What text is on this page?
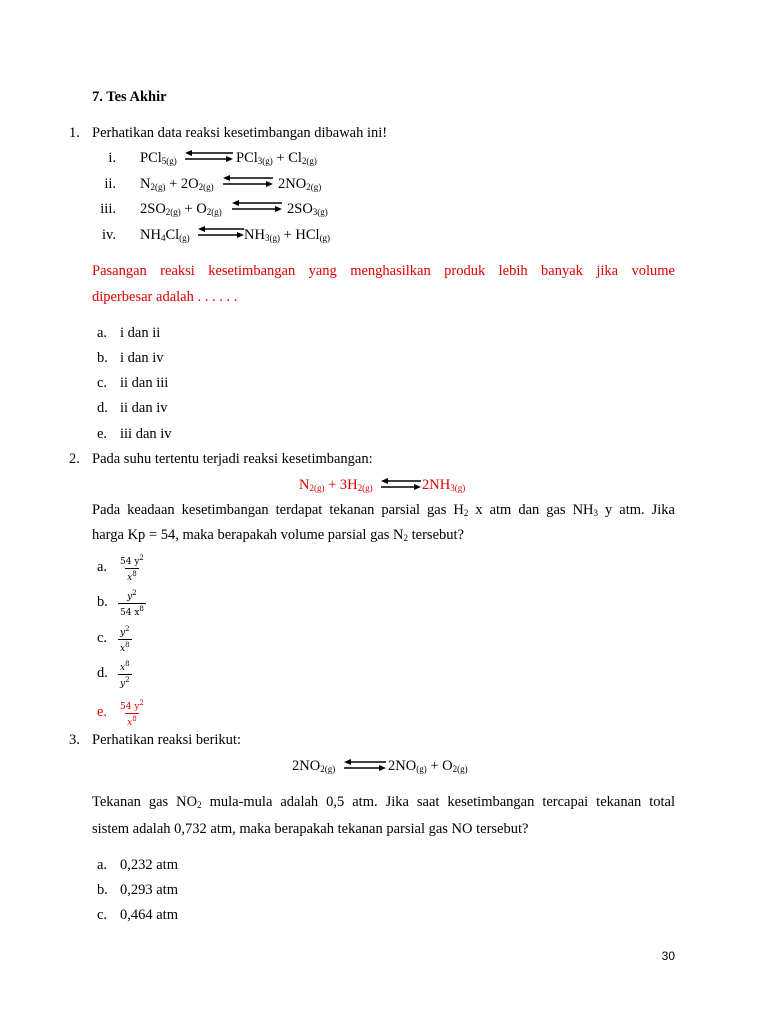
7. Tes Akhir
1. Perhatikan data reaksi kesetimbangan dibawah ini!
i. PCl$_{5(g)}$ ⇌ $PCl_{3(g)} + Cl_{2(g)}$
ii. $N_{2(g)} + 2O_{2(g)}$ ⇌ $2NO_{2(g)}$
iii. $2SO_{2(g)} + O_{2(g)}$ ⇌ $2SO_{3(g)}$
iv. $NH_4Cl_{(g)}$ ⇌ $NH_{3(g)} + HCl_{(g)}$
Pasangan reaksi kesetimbangan yang menghasilkan produk lebih banyak jika volume
diperbesar adalah . . . . . .
a. i dan ii
b. i dan iv
c. ii dan iii
d. ii dan iv
e. iii dan iv
2. Pada suhu tertentu terjadi reaksi kesetimbangan:
$N_{2(g)} + 3H_{2(g)}$ ⇌ $2NH_{3(g)}$
Pada keadaan kesetimbangan terdapat tekanan parsial gas $H_2$ x atm dan gas $NH_3$ y atm. Jika
harga Kp = 54, maka berapakah volume parsial gas $N_2$ tersebut?
a. $\frac{54 y^2}{x^8}$
b. $\frac{y^2}{54 x^8}$
c. $\frac{y^2}{x^8}$
d. $\frac{x^8}{y^2}$
e. $\frac{54 y^2}{x^8}$
3. Perhatikan reaksi berikut:
$2NO_{2(g)}$ ⇌ $2NO_{(g)} + O_{2(g)}$
Tekanan gas $NO_2$ mula-mula adalah 0,5 atm. Jika saat kesetimbangan tercapai tekanan total
sistem adalah 0,732 atm, maka berapakah tekanan parsial gas NO tersebut?
a. 0,232 atm
b. 0,293 atm
c. 0,464 atm
30
